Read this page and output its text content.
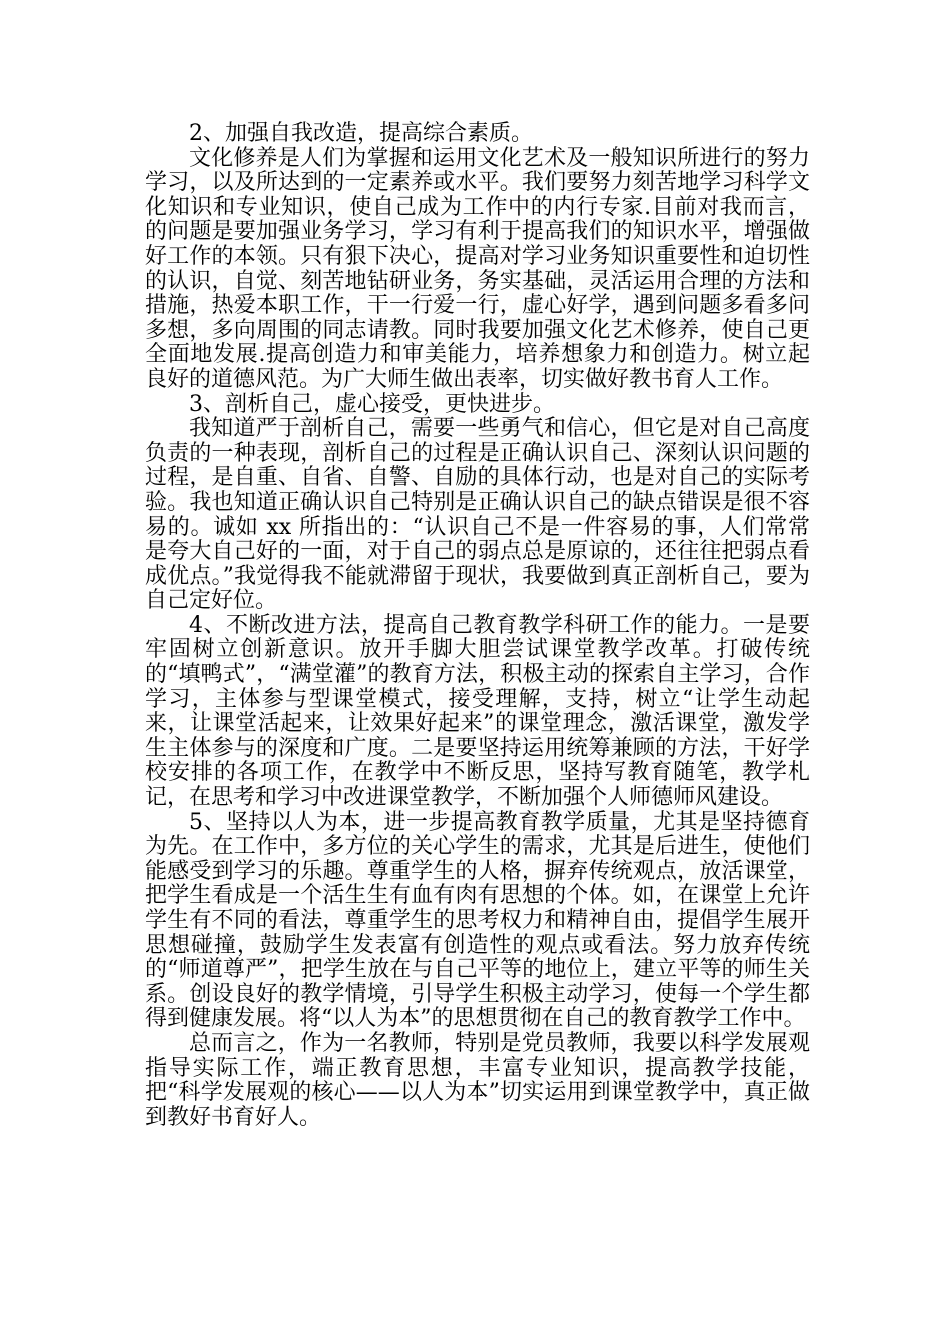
2、加强自我改造，提高综合素质。

文化修养是人们为掌握和运用文化艺术及一般知识所进行的努力学习，以及所达到的一定素养或水平。我们要努力刻苦地学习科学文化知识和专业知识，使自己成为工作中的内行专家.目前对我而言，的问题是要加强业务学习，学习有利于提高我们的知识水平，增强做好工作的本领。只有狠下决心，提高对学习业务知识重要性和迫切性的认识，自觉、刻苦地钻研业务，务实基础，灵活运用合理的方法和措施，热爱本职工作，干一行爱一行，虚心好学，遇到问题多看多问多想，多向周围的同志请教。同时我要加强文化艺术修养，使自己更全面地发展.提高创造力和审美能力，培养想象力和创造力。树立起良好的道德风范。为广大师生做出表率，切实做好教书育人工作。

3、剖析自己，虚心接受，更快进步。

我知道严于剖析自己，需要一些勇气和信心，但它是对自己高度负责的一种表现，剖析自己的过程是正确认识自己、深刻认识问题的过程，是自重、自省、自警、自励的具体行动，也是对自己的实际考验。我也知道正确认识自己特别是正确认识自己的缺点错误是很不容易的。诚如 xx 所指出的：“认识自己不是一件容易的事，人们常常是夸大自己好的一面，对于自己的弱点总是原谅的，还往往把弱点看成优点。”我觉得我不能就滞留于现状，我要做到真正剖析自己，要为自己定好位。

4、不断改进方法，提高自己教育教学科研工作的能力。一是要牢固树立创新意识。放开手脚大胆尝试课堂教学改革。打破传统的“填鸭式”，“满堂灌”的教育方法，积极主动的探索自主学习，合作学习，主体参与型课堂模式，接受理解，支持，树立“让学生动起来，让课堂活起来，让效果好起来”的课堂理念，激活课堂，激发学生主体参与的深度和广度。二是要坚持运用统筹兼顾的方法，干好学校安排的各项工作，在教学中不断反思，坚持写教育随笔，教学札记，在思考和学习中改进课堂教学，不断加强个人师德师风建设。

5、坚持以人为本，进一步提高教育教学质量，尤其是坚持德育为先。在工作中，多方位的关心学生的需求，尤其是后进生，使他们能感受到学习的乐趣。尊重学生的人格，摒弃传统观点，放活课堂，把学生看成是一个活生生有血有肉有思想的个体。如，在课堂上允许学生有不同的看法，尊重学生的思考权力和精神自由，提倡学生展开思想碰撞，鼓励学生发表富有创造性的观点或看法。努力放弃传统的“师道尊严”，把学生放在与自己平等的地位上，建立平等的师生关系。创设良好的教学情境，引导学生积极主动学习，使每一个学生都得到健康发展。将“以人为本”的思想贯彻在自己的教育教学工作中。

总而言之，作为一名教师，特别是党员教师，我要以科学发展观指导实际工作，端正教育思想，丰富专业知识，提高教学技能，把“科学发展观的核心——以人为本”切实运用到课堂教学中，真正做到教好书育好人。
